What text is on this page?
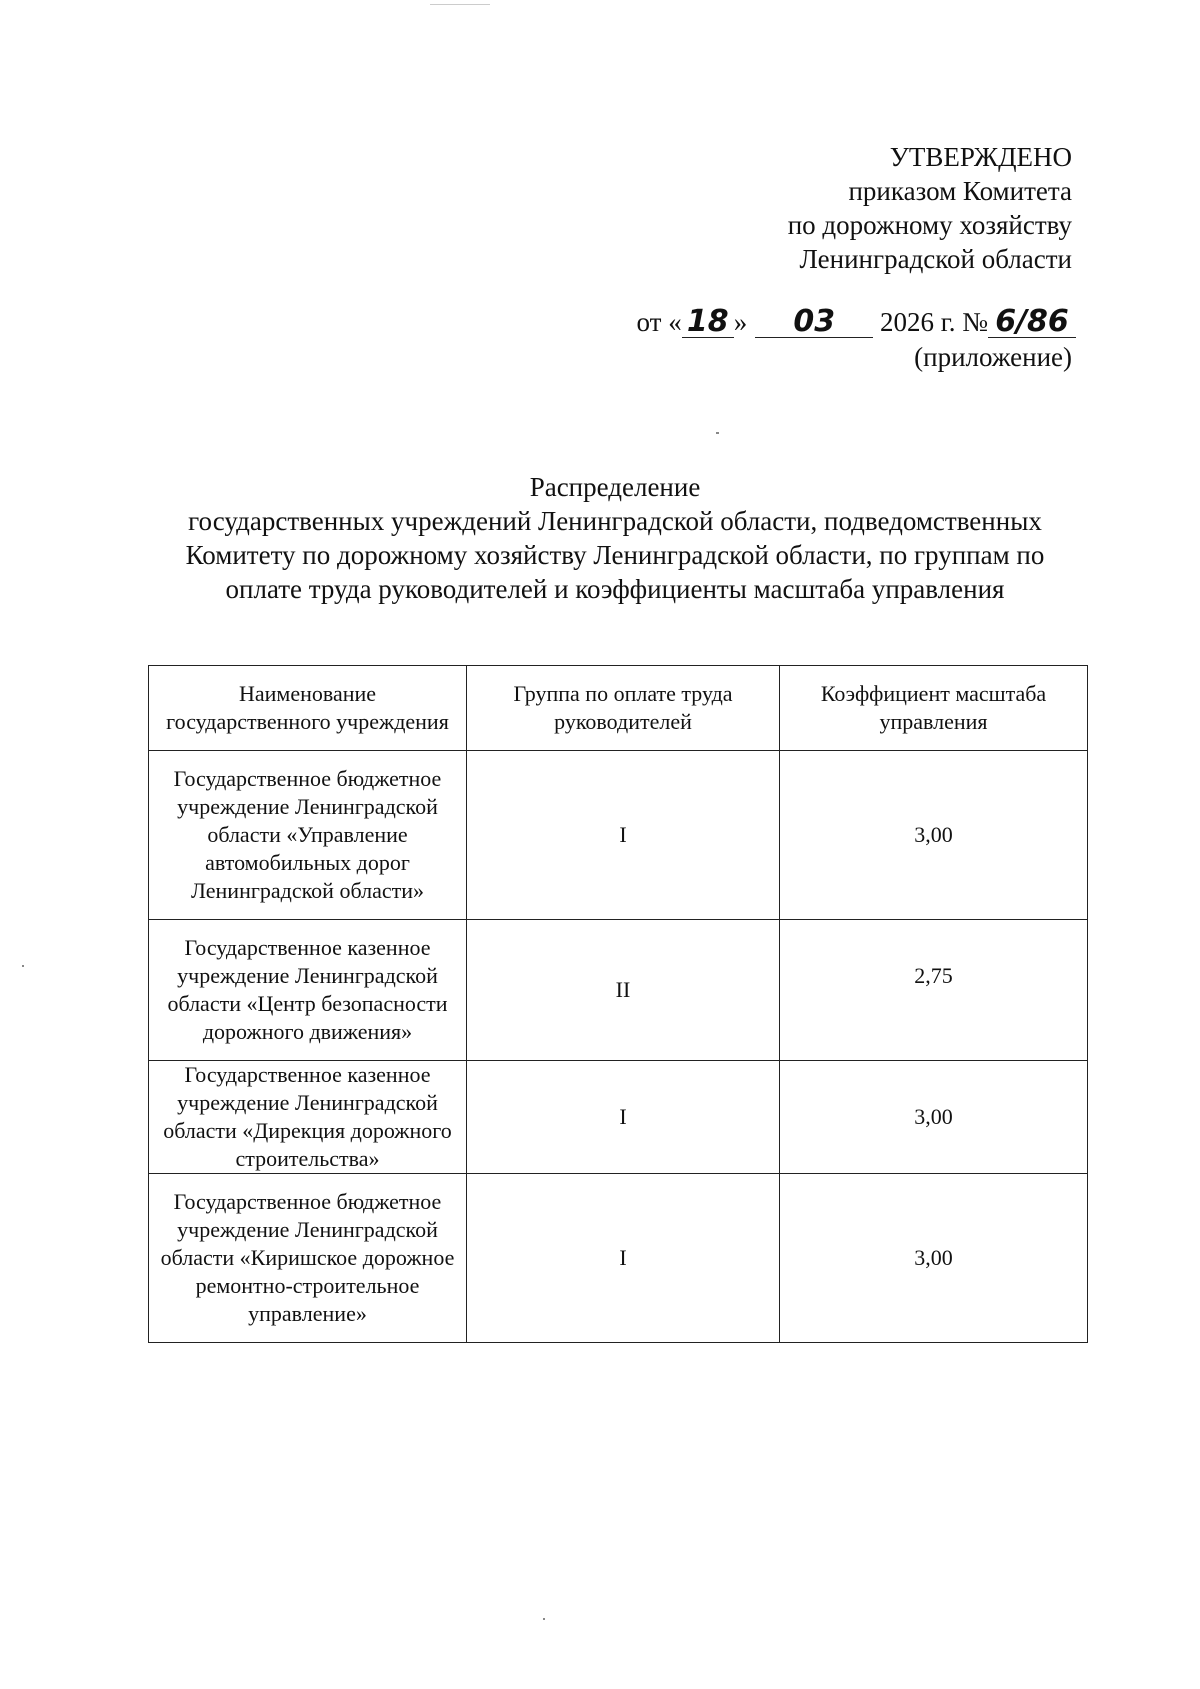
УТВЕРЖДЕНО
приказом Комитета
по дорожному хозяйству
Ленинградской области
от « 18 » 03 2026 г. № 6/86
(приложение)
Распределение
государственных учреждений Ленинградской области, подведомственных
Комитету по дорожному хозяйству Ленинградской области, по группам по
оплате труда руководителей и коэффициенты масштаба управления
Наименование государственного учреждения	Группа по оплате труда руководителей	Коэффициент масштаба управления
Государственное бюджетное учреждение Ленинградской области «Управление автомобильных дорог Ленинградской области»	I	3,00
Государственное казенное учреждение Ленинградской области «Центр безопасности дорожного движения»	II	2,75
Государственное казенное учреждение Ленинградской области «Дирекция дорожного строительства»	I	3,00
Государственное бюджетное учреждение Ленинградской области «Киришское дорожное ремонтно-строительное управление»	I	3,00
